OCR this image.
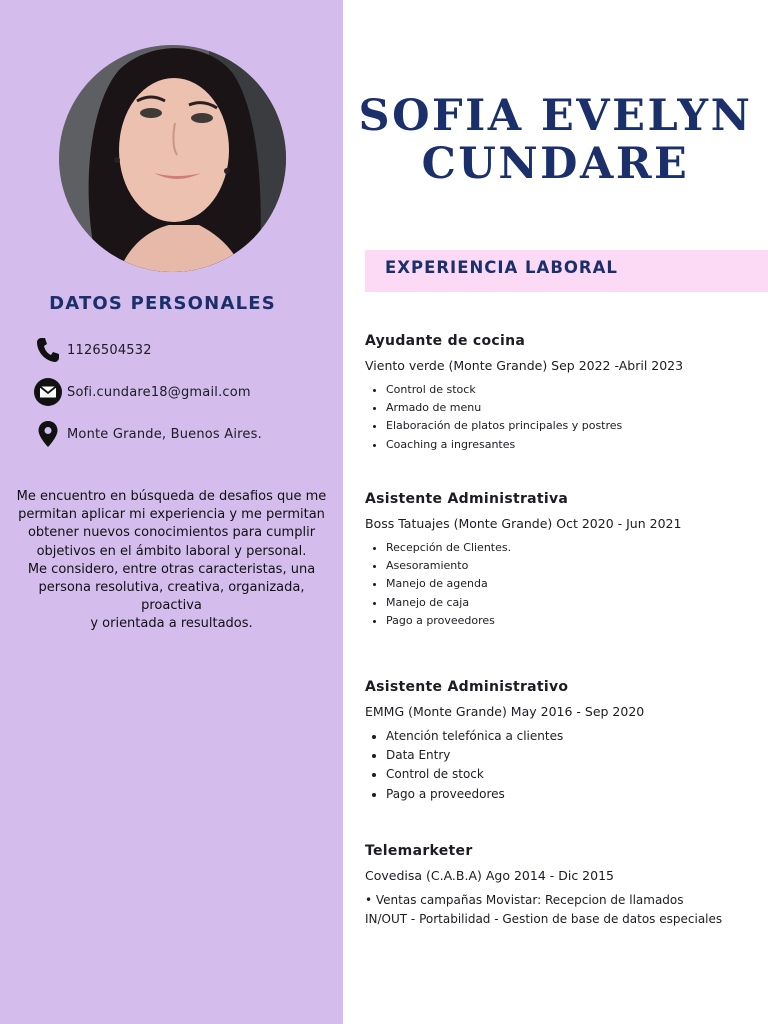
DATOS PERSONALES
1126504532
Sofi.cundare18@gmail.com
Monte Grande, Buenos Aires.

Me encuentro en búsqueda de desafios que me

permitan aplicar mi experiencia y me permitan

obtener nuevos conocimientos para cumplir

objetivos en el ámbito laboral y personal.

Me considero, entre otras caracteristas, una

persona resolutiva, creativa, organizada, proactiva

y orientada a resultados.

SOFIA EVELYN
CUNDARE
EXPERIENCIA LABORAL
Ayudante de cocina
Viento verde (Monte Grande) Sep 2022 -Abril 2023
• Control de stock
• Armado de menu
• Elaboración de platos principales y postres
• Coaching a ingresantes
Asistente Administrativa
Boss Tatuajes (Monte Grande) Oct 2020 - Jun 2021
• Recepción de Clientes.
• Asesoramiento
• Manejo de agenda
• Manejo de caja
• Pago a proveedores
Asistente Administrativo
EMMG (Monte Grande) May 2016 - Sep 2020
• Atención telefónica a clientes
• Data Entry
• Control de stock
• Pago a proveedores
Telemarketer
Covedisa (C.A.B.A) Ago 2014 - Dic 2015
• Ventas campañas Movistar: Recepcion de llamados
IN/OUT - Portabilidad - Gestion de base de datos especiales
